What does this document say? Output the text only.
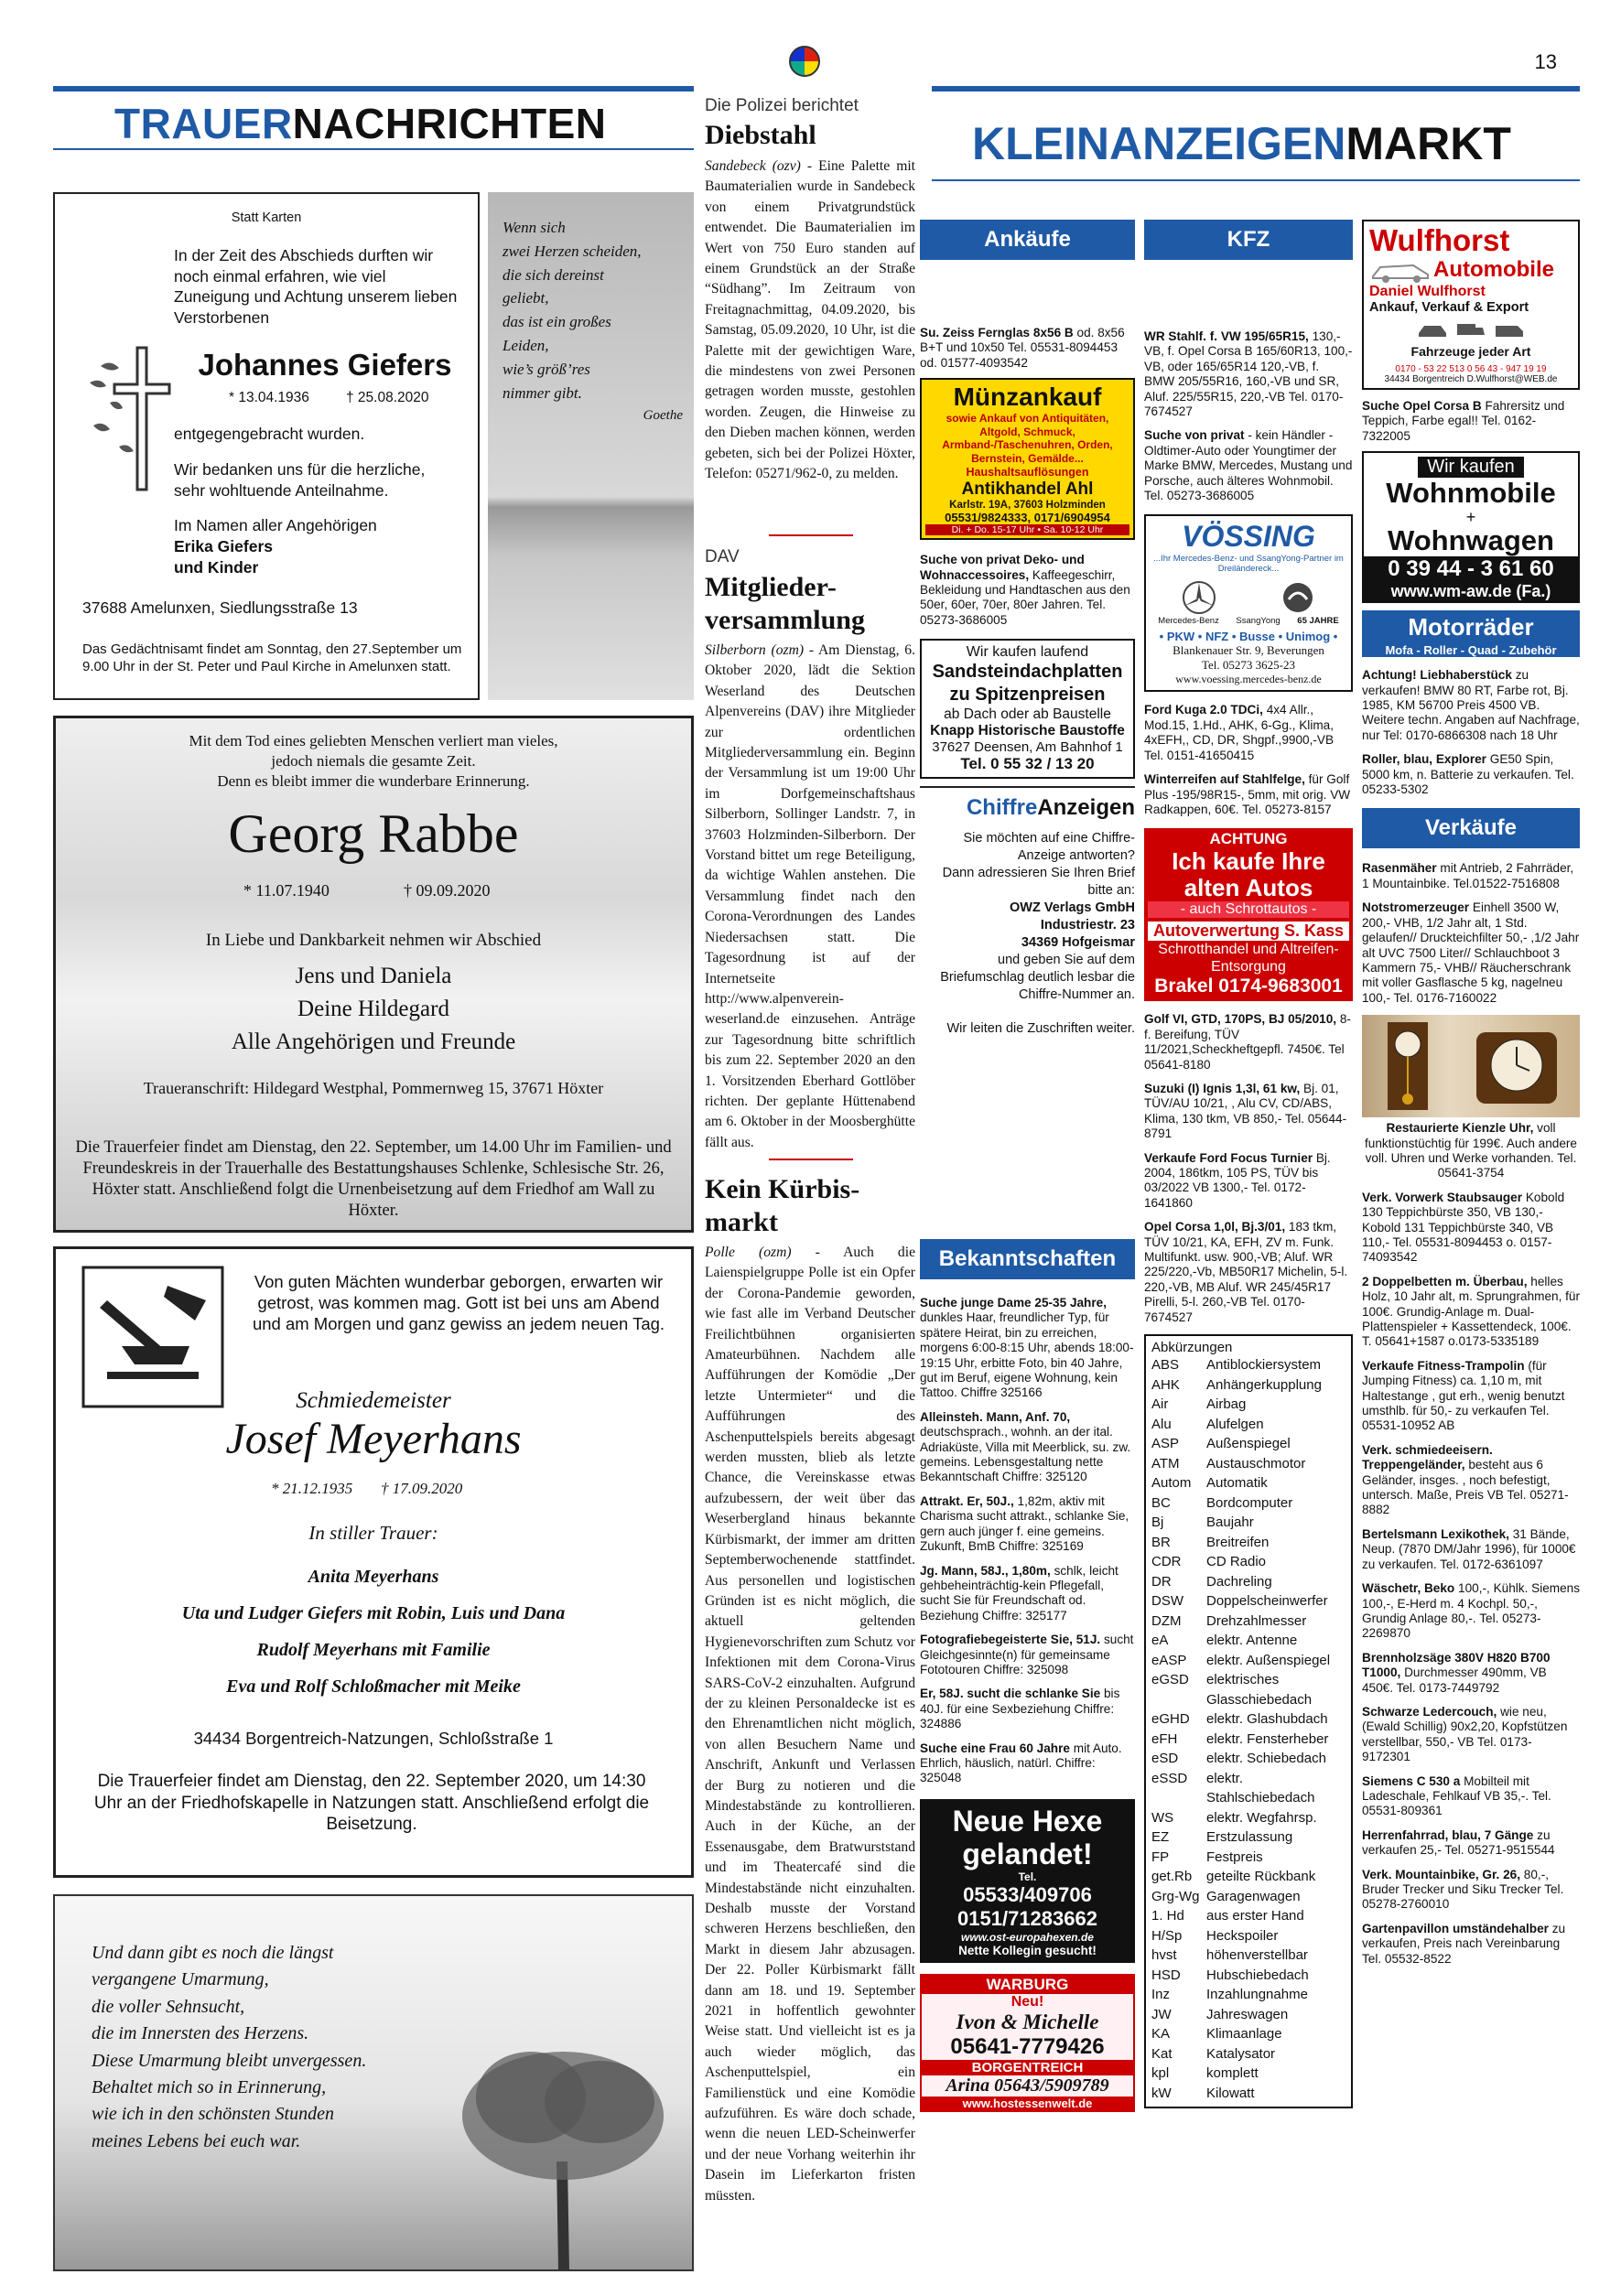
13
TRAUERNACHRICHTEN	KLEINANZEIGENMARKT
Statt Karten
In der Zeit des Abschieds durften wir noch einmal erfahren, wie viel Zuneigung und Achtung unserem lieben Verstorbenen
Johannes Giefers
* 13.04.1936	† 25.08.2020
entgegengebracht wurden.
Wir bedanken uns für die herzliche, sehr wohltuende Anteilnahme.
Im Namen aller Angehörigen
Erika Giefers
und Kinder
37688 Amelunxen, Siedlungsstraße 13
Das Gedächtnisamt findet am Sonntag, den 27.September um 9.00 Uhr in der St. Peter und Paul Kirche in Amelunxen statt.
Wenn sich
zwei Herzen scheiden,
die sich dereinst
geliebt,
das ist ein großes
Leiden,
wie’s größ’res
nimmer gibt.
Goethe
Mit dem Tod eines geliebten Menschen verliert man vieles,
jedoch niemals die gesamte Zeit.
Denn es bleibt immer die wunderbare Erinnerung.
Georg Rabbe
* 11.07.1940	† 09.09.2020
In Liebe und Dankbarkeit nehmen wir Abschied
Jens und Daniela
Deine Hildegard
Alle Angehörigen und Freunde
Traueranschrift: Hildegard Westphal, Pommernweg 15, 37671 Höxter
Die Trauerfeier findet am Dienstag, den 22. September, um 14.00 Uhr im Familien- und Freundeskreis in der Trauerhalle des Bestattungshauses Schlenke, Schlesische Str. 26, Höxter statt. Anschließend folgt die Urnenbeisetzung auf dem Friedhof am Wall zu Höxter.
Von guten Mächten wunderbar geborgen, erwarten wir getrost, was kommen mag. Gott ist bei uns am Abend und am Morgen und ganz gewiss an jedem neuen Tag.
Schmiedemeister
Josef Meyerhans
* 21.12.1935 † 17.09.2020
In stiller Trauer:
Anita Meyerhans
Uta und Ludger Giefers mit Robin, Luis und Dana
Rudolf Meyerhans mit Familie
Eva und Rolf Schloßmacher mit Meike
34434 Borgentreich-Natzungen, Schloßstraße 1
Die Trauerfeier findet am Dienstag, den 22. September 2020, um 14:30 Uhr an der Friedhofskapelle in Natzungen statt. Anschließend erfolgt die Beisetzung.
Und dann gibt es noch die längst
vergangene Umarmung,
die voller Sehnsucht,
die im Innersten des Herzens.
Diese Umarmung bleibt unvergessen.
Behaltet mich so in Erinnerung,
wie ich in den schönsten Stunden
meines Lebens bei euch war.
Die Polizei berichtet
Diebstahl
Sandebeck (ozv) - Eine Palette mit Baumaterialien wurde in Sandebeck von einem Privatgrundstück entwendet. Die Baumaterialien im Wert von 750 Euro standen auf einem Grundstück an der Straße “Südhang”. Im Zeitraum von Freitagnachmittag, 04.09.2020, bis Samstag, 05.09.2020, 10 Uhr, ist die Palette mit der gewichtigen Ware, die mindestens von zwei Personen getragen worden musste, gestohlen worden. Zeugen, die Hinweise zu den Dieben machen können, werden gebeten, sich bei der Polizei Höxter, Telefon: 05271/962-0, zu melden.
DAV
Mitglieder-versammlung
Silberborn (ozm) - Am Dienstag, 6. Oktober 2020, lädt die Sektion Weserland des Deutschen Alpenvereins (DAV) ihre Mitglieder zur ordentlichen Mitgliederversammlung ein. Beginn der Versammlung ist um 19:00 Uhr im Dorfgemeinschaftshaus Silberborn, Sollinger Landstr. 7, in 37603 Holzminden-Silberborn. Der Vorstand bittet um rege Beteiligung, da wichtige Wahlen anstehen. Die Versammlung findet nach den Corona-Verordnungen des Landes Niedersachsen statt. Die Tagesordnung ist auf der Internetseite http://www.alpenverein-weserland.de einzusehen. Anträge zur Tagesordnung bitte schriftlich bis zum 22. September 2020 an den 1. Vorsitzenden Eberhard Gottlöber richten. Der geplante Hüttenabend am 6. Oktober in der Moosberghütte fällt aus.
Kein Kürbis-markt
Polle (ozm) - Auch die Laienspielgruppe Polle ist ein Opfer der Corona-Pandemie geworden, wie fast alle im Verband Deutscher Freilichtbühnen organisierten Amateurbühnen. Nachdem alle Aufführungen der Komödie „Der letzte Untermieter“ und die Aufführungen des Aschenputtelspiels bereits abgesagt werden mussten, blieb als letzte Chance, die Vereinskasse etwas aufzubessern, der weit über das Weserbergland hinaus bekannte Kürbismarkt, der immer am dritten Septemberwochenende stattfindet. Aus personellen und logistischen Gründen ist es nicht möglich, die aktuell geltenden Hygienevorschriften zum Schutz vor Infektionen mit dem Corona-Virus SARS-CoV-2 einzuhalten. Aufgrund der zu kleinen Personaldecke ist es den Ehrenamtlichen nicht möglich, von allen Besuchern Name und Anschrift, Ankunft und Verlassen der Burg zu notieren und die Mindestabstände zu kontrollieren. Auch in der Küche, an der Essenausgabe, dem Bratwurststand und im Theatercafé sind die Mindestabstände nicht einzuhalten. Deshalb musste der Vorstand schweren Herzens beschließen, den Markt in diesem Jahr abzusagen. Der 22. Poller Kürbismarkt fällt dann am 18. und 19. September 2021 in hoffentlich gewohnter Weise statt. Und vielleicht ist es ja auch wieder möglich, das Aschenputtelspiel, ein Familienstück und eine Komödie aufzuführen. Es wäre doch schade, wenn die neuen LED-Scheinwerfer und der neue Vorhang weiterhin ihr Dasein im Lieferkarton fristen müssten.
Ankäufe
Su. Zeiss Fernglas 8x56 B od. 8x56 B+T und 10x50 Tel. 05531-8094453 od. 01577-4093542
Münzankauf
sowie Ankauf von Antiquitäten, Altgold, Schmuck, Armband-/Taschenuhren, Orden, Bernstein, Gemälde...
Haushaltsauflösungen
Antikhandel Ahl
Karlstr. 19A, 37603 Holzminden
05531/9824333, 0171/6904954
Di. + Do. 15-17 Uhr • Sa. 10-12 Uhr
Suche von privat Deko- und Wohnaccessoires, Kaffeegeschirr, Bekleidung und Handtaschen aus den 50er, 60er, 70er, 80er Jahren. Tel. 05273-3686005
Wir kaufen laufend
Sandsteindachplatten zu Spitzenpreisen
ab Dach oder ab Baustelle
Knapp Historische Baustoffe
37627 Deensen, Am Bahnhof 1
Tel. 0 55 32 / 13 20
ChiffreAnzeigen
Sie möchten auf eine Chiffre-Anzeige antworten?
Dann adressieren Sie Ihren Brief bitte an:
OWZ Verlags GmbH
Industriestr. 23
34369 Hofgeismar
und geben Sie auf dem Briefumschlag deutlich lesbar die Chiffre-Nummer an.
Wir leiten die Zuschriften weiter.
Bekanntschaften
Suche junge Dame 25-35 Jahre, dunkles Haar, freundlicher Typ, für spätere Heirat, bin zu erreichen, morgens 6:00-8:15 Uhr, abends 18:00-19:15 Uhr, erbitte Foto, bin 40 Jahre, gut im Beruf, eigene Wohnung, kein Tattoo. Chiffre 325166
Alleinsteh. Mann, Anf. 70, deutschsprach., wohnh. an der ital. Adriaküste, Villa mit Meerblick, su. zw. gemeins. Lebensgestaltung nette Bekanntschaft Chiffre: 325120
Attrakt. Er, 50J., 1,82m, aktiv mit Charisma sucht attrakt., schlanke Sie, gern auch jünger f. eine gemeins. Zukunft, BmB Chiffre: 325169
Jg. Mann, 58J., 1,80m, schlk, leicht gehbeheinträchtig-kein Pflegefall, sucht Sie für Freundschaft od. Beziehung Chiffre: 325177
Fotografiebegeisterte Sie, 51J. sucht Gleichgesinnte(n) für gemeinsame Fototouren Chiffre: 325098
Er, 58J. sucht die schlanke Sie bis 40J. für eine Sexbeziehung Chiffre: 324886
Suche eine Frau 60 Jahre mit Auto. Ehrlich, häuslich, natürl. Chiffre: 325048
Neue Hexe gelandet!
Tel.
05533/409706
0151/71283662
www.ost-europahexen.de
Nette Kollegin gesucht!
WARBURG
Neu!
Ivon & Michelle
05641-7779426
BORGENTREICH
Arina 05643/5909789
www.hostessenwelt.de
KFZ
WR Stahlf. f. VW 195/65R15, 130,-VB, f. Opel Corsa B 165/60R13, 100,-VB, oder 165/65R14 120,-VB, f. BMW 205/55R16, 160,-VB und SR, Aluf. 225/55R15, 220,-VB Tel. 0170-7674527
Suche von privat - kein Händler - Oldtimer-Auto oder Youngtimer der Marke BMW, Mercedes, Mustang und Porsche, auch älteres Wohnmobil. Tel. 05273-3686005
VÖSSING
...Ihr Mercedes-Benz- und SsangYong-Partner im Dreiländereck...
Mercedes-Benz SsangYong 65 JAHRE
• PKW • NFZ • Busse • Unimog •
Blankenauer Str. 9, Beverungen
Tel. 05273 3625-23
www.voessing.mercedes-benz.de
Ford Kuga 2.0 TDCi, 4x4 Allr., Mod.15, 1.Hd., AHK, 6-Gg., Klima, 4xEFH,, CD, DR, Shgpf.,9900,-VB Tel. 0151-41650415
Winterreifen auf Stahlfelge, für Golf Plus -195/98R15-, 5mm, mit orig. VW Radkappen, 60€. Tel. 05273-8157
ACHTUNG
Ich kaufe Ihre alten Autos
- auch Schrottautos -
Autoverwertung S. Kass
Schrotthandel und Altreifen-Entsorgung
Brakel 0174-9683001
Golf VI, GTD, 170PS, BJ 05/2010, 8-f. Bereifung, TÜV 11/2021,Scheckheftgepfl. 7450€. Tel 05641-8180
Suzuki (I) Ignis 1,3l, 61 kw, Bj. 01, TÜV/AU 10/21, , Alu CV, CD/ABS, Klima, 130 tkm, VB 850,- Tel. 05644-8791
Verkaufe Ford Focus Turnier Bj. 2004, 186tkm, 105 PS, TÜV bis 03/2022 VB 1300,- Tel. 0172-1641860
Opel Corsa 1,0l, Bj.3/01, 183 tkm, TÜV 10/21, KA, EFH, ZV m. Funk. Multifunkt. usw. 900,-VB; Aluf. WR 225/220,-Vb, MB50R17 Michelin, 5-l. 220,-VB, MB Aluf. WR 245/45R17 Pirelli, 5-l. 260,-VB Tel. 0170-7674527
Abkürzungen
ABS	Antiblockiersystem
AHK	Anhängerkupplung
Air	Airbag
Alu	Alufelgen
ASP	Außenspiegel
ATM	Austauschmotor
Autom	Automatik
BC	Bordcomputer
Bj	Baujahr
BR	Breitreifen
CDR	CD Radio
DR	Dachreling
DSW	Doppelscheinwerfer
DZM	Drehzahlmesser
eA	elektr. Antenne
eASP	elektr. Außenspiegel
eGSD	elektrisches Glasschiebedach
eGHD	elektr. Glashubdach
eFH	elektr. Fensterheber
eSD	elektr. Schiebedach
eSSD	elektr. Stahlschiebedach
WS	elektr. Wegfahrsp.
EZ	Erstzulassung
FP	Festpreis
get.Rb	geteilte Rückbank
Grg-Wg	Garagenwagen
1. Hd	aus erster Hand
H/Sp	Heckspoiler
hvst	höhenverstellbar
HSD	Hubschiebedach
Inz	Inzahlungnahme
JW	Jahreswagen
KA	Klimaanlage
Kat	Katalysator
kpl	komplett
kW	Kilowatt
Wulfhorst
Automobile
Daniel Wulfhorst
Ankauf, Verkauf & Export
Fahrzeuge jeder Art
0170 - 53 22 513 0 56 43 - 947 19 19
34434 Borgentreich D.Wulfhorst@WEB.de
Suche Opel Corsa B Fahrersitz und Teppich, Farbe egal!! Tel. 0162-7322005
Wir kaufen
Wohnmobile
+
Wohnwagen
0 39 44 - 3 61 60
www.wm-aw.de (Fa.)
Motorräder
Mofa - Roller - Quad - Zubehör
Achtung! Liebhaberstück zu verkaufen! BMW 80 RT, Farbe rot, Bj. 1985, KM 56700 Preis 4500 VB. Weitere techn. Angaben auf Nachfrage, nur Tel: 0170-6866308 nach 18 Uhr
Roller, blau, Explorer GE50 Spin, 5000 km, n. Batterie zu verkaufen. Tel. 05233-5302
Verkäufe
Rasenmäher mit Antrieb, 2 Fahrräder, 1 Mountainbike. Tel.01522-7516808
Notstromerzeuger Einhell 3500 W, 200,- VHB, 1/2 Jahr alt, 1 Std. gelaufen// Druckteichfilter 50,- ,1/2 Jahr alt UVC 7500 Liter// Schlauchboot 3 Kammern 75,- VHB// Räucherschrank mit voller Gasflasche 5 kg, nagelneu 100,- Tel. 0176-7160022
Restaurierte Kienzle Uhr, voll funktionstüchtig für 199€. Auch andere voll. Uhren und Werke vorhanden. Tel. 05641-3754
Verk. Vorwerk Staubsauger Kobold 130 Teppichbürste 350, VB 130,- Kobold 131 Teppichbürste 340, VB 110,- Tel. 05531-8094453 o. 0157-74093542
2 Doppelbetten m. Überbau, helles Holz, 10 Jahr alt, m. Sprungrahmen, für 100€. Grundig-Anlage m. Dual-Plattenspieler + Kassettendeck, 100€. T. 05641+1587 o.0173-5335189
Verkaufe Fitness-Trampolin (für Jumping Fitness) ca. 1,10 m, mit Haltestange , gut erh., wenig benutzt umsthlb. für 50,- zu verkaufen Tel. 05531-10952 AB
Verk. schmiedeeisern. Treppengeländer, besteht aus 6 Geländer, insges. , noch befestigt, untersch. Maße, Preis VB Tel. 05271-8882
Bertelsmann Lexikothek, 31 Bände, Neup. (7870 DM/Jahr 1996), für 1000€ zu verkaufen. Tel. 0172-6361097
Wäschetr, Beko 100,-, Kühlk. Siemens 100,-, E-Herd m. 4 Kochpl. 50,-, Grundig Anlage 80,-. Tel. 05273-2269870
Brennholzsäge 380V H820 B700 T1000, Durchmesser 490mm, VB 450€. Tel. 0173-7449792
Schwarze Ledercouch, wie neu, (Ewald Schillig) 90x2,20, Kopfstützen verstellbar, 550,- VB Tel. 0173-9172301
Siemens C 530 a Mobilteil mit Ladeschale, Fehlkauf VB 35,-. Tel. 05531-809361
Herrenfahrrad, blau, 7 Gänge zu verkaufen 25,- Tel. 05271-9515544
Verk. Mountainbike, Gr. 26, 80,-, Bruder Trecker und Siku Trecker Tel. 05278-2760010
Gartenpavillon umständehalber zu verkaufen, Preis nach Vereinbarung Tel. 05532-8522
